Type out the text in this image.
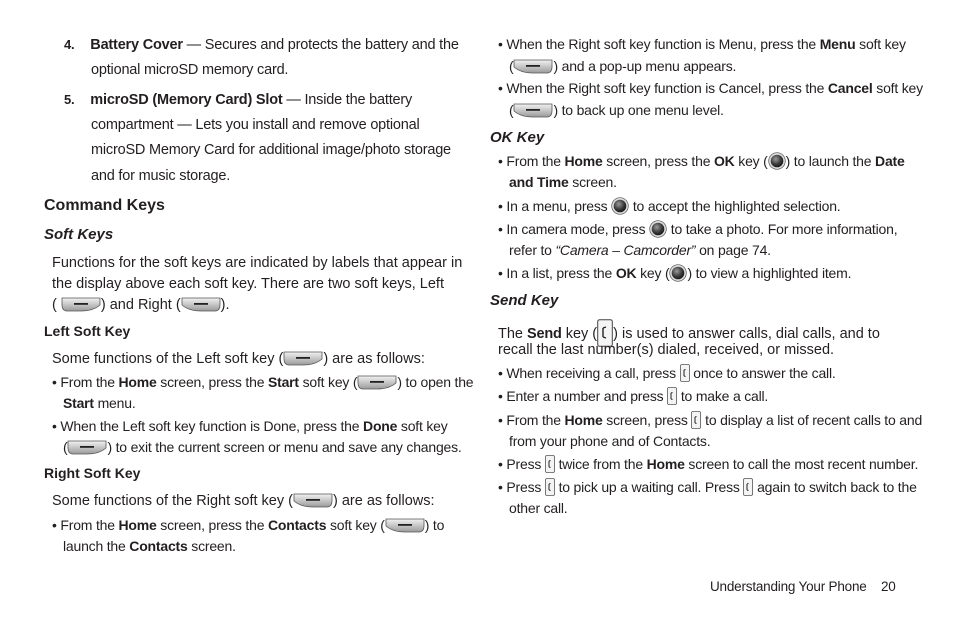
4. Battery Cover — Secures and protects the battery and the
optional microSD memory card.
5. microSD (Memory Card) Slot — Inside the battery
compartment — Lets you install and remove optional
microSD Memory Card for additional image/photo storage
and for music storage.
Command Keys
Soft Keys
Functions for the soft keys are indicated by labels that appear in
the display above each soft key. There are two soft keys, Left
(	) and Right (	).
Left Soft Key
Some functions of the Left soft key (	) are as follows:
• From the Home screen, press the Start soft key (	) to open the
Start menu.
• When the Left soft key function is Done, press the Done soft key
(	) to exit the current screen or menu and save any changes.
Right Soft Key
Some functions of the Right soft key (	) are as follows:
• From the Home screen, press the Contacts soft key (	) to
launch the Contacts screen.
• When the Right soft key function is Menu, press the Menu soft key
(	) and a pop-up menu appears.
• When the Right soft key function is Cancel, press the Cancel soft key
(	) to back up one menu level.
OK Key
• From the Home screen, press the OK key ( ) to launch the Date
and Time screen.
• In a menu, press  to accept the highlighted selection.
• In camera mode, press  to take a photo. For more information,
refer to “Camera – Camcorder” on page 74.
• In a list, press the OK key ( ) to view a highlighted item.
Send Key
The Send key ( ) is used to answer calls, dial calls, and to
recall the last number(s) dialed, received, or missed.
• When receiving a call, press  once to answer the call.
• Enter a number and press  to make a call.
• From the Home screen, press  to display a list of recent calls to and
from your phone and of Contacts.
• Press  twice from the Home screen to call the most recent number.
• Press  to pick up a waiting call. Press  again to switch back to the
other call.
Understanding Your Phone 20
